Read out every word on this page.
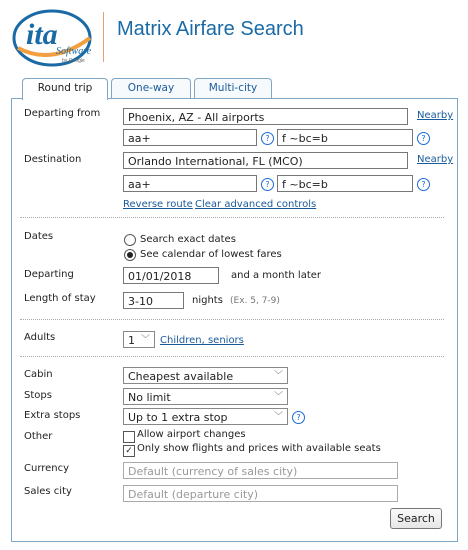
ita
Software
by Google
Matrix Airfare Search
Round trip	One-way	Multi-city
Departing from	Phoenix, AZ - All airports	Nearby
aa+	?	f ~bc=b	?
Destination	Orlando International, FL (MCO)	Nearby
aa+	?	f ~bc=b	?
Reverse route Clear advanced controls
Dates	Search exact dates
See calendar of lowest fares
Departing	01/01/2018	and a month later
Length of stay	3-10	nights (Ex. 5, 7-9)
Adults	1 ﹀ Children, seniors
Cabin	Cheapest available	﹀
Stops	No limit	﹀
Extra stops	Up to 1 extra stop	﹀	?
Other	Allow airport changes
✓ Only show flights and prices with available seats
Currency	Default (currency of sales city)
Sales city	Default (departure city)
Search
